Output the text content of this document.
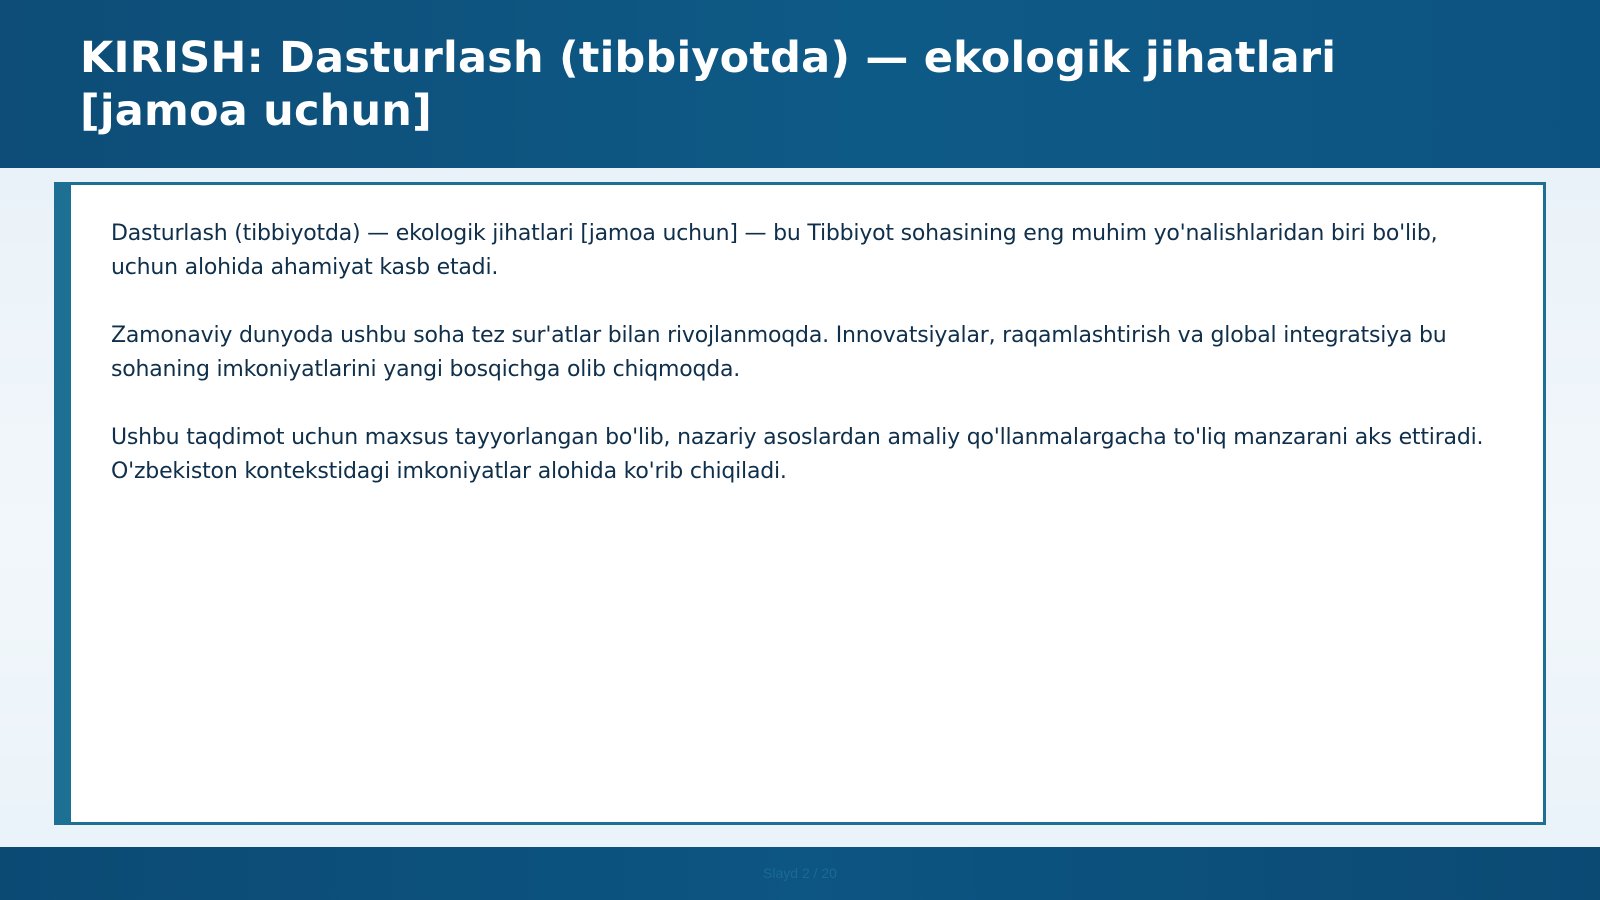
KIRISH: Dasturlash (tibbiyotda) — ekologik jihatlari [jamoa uchun]

Dasturlash (tibbiyotda) — ekologik jihatlari [jamoa uchun] — bu Tibbiyot sohasining eng muhim yo'nalishlaridan biri bo'lib, uchun alohida ahamiyat kasb etadi.

Zamonaviy dunyoda ushbu soha tez sur'atlar bilan rivojlanmoqda. Innovatsiyalar, raqamlashtirish va global integratsiya bu sohaning imkoniyatlarini yangi bosqichga olib chiqmoqda.

Ushbu taqdimot uchun maxsus tayyorlangan bo'lib, nazariy asoslardan amaliy qo'llanmalargacha to'liq manzarani aks ettiradi. O'zbekiston kontekstidagi imkoniyatlar alohida ko'rib chiqiladi.

Slayd 2 / 20
